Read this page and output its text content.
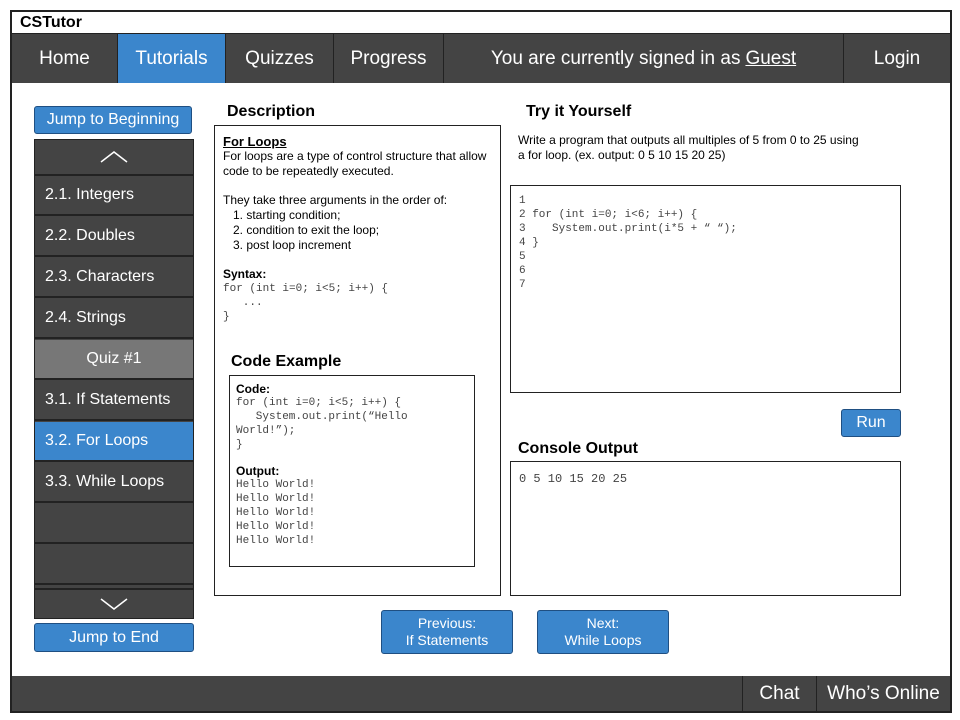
CSTutor
Home	Tutorials	Quizzes	Progress	You are currently signed in as Guest	Login
Jump to Beginning
2.1. Integers
2.2. Doubles
2.3. Characters
2.4. Strings
Quiz #1
3.1. If Statements
3.2. For Loops
3.3. While Loops
Jump to End
Description
For Loops
For loops are a type of control structure that allow code to be repeatedly executed.
They take three arguments in the order of:
1. starting condition;
2. condition to exit the loop;
3. post loop increment
Syntax:
for (int i=0; i<5; i++) {
...
}
Code Example
Code:
for (int i=0; i<5; i++) {
System.out.print(“Hello
World!”);
}
Output:
Hello World!
Hello World!
Hello World!
Hello World!
Hello World!
Try it Yourself
Write a program that outputs all multiples of 5 from 0 to 25 using a for loop. (ex. output: 0 5 10 15 20 25)
1
2 for (int i=0; i<6; i++) {
3    System.out.print(i*5 + “ “);
4 }
5
6
7
Run
Console Output
0 5 10 15 20 25
Previous:
If Statements
Next:
While Loops
Chat	Who’s Online
